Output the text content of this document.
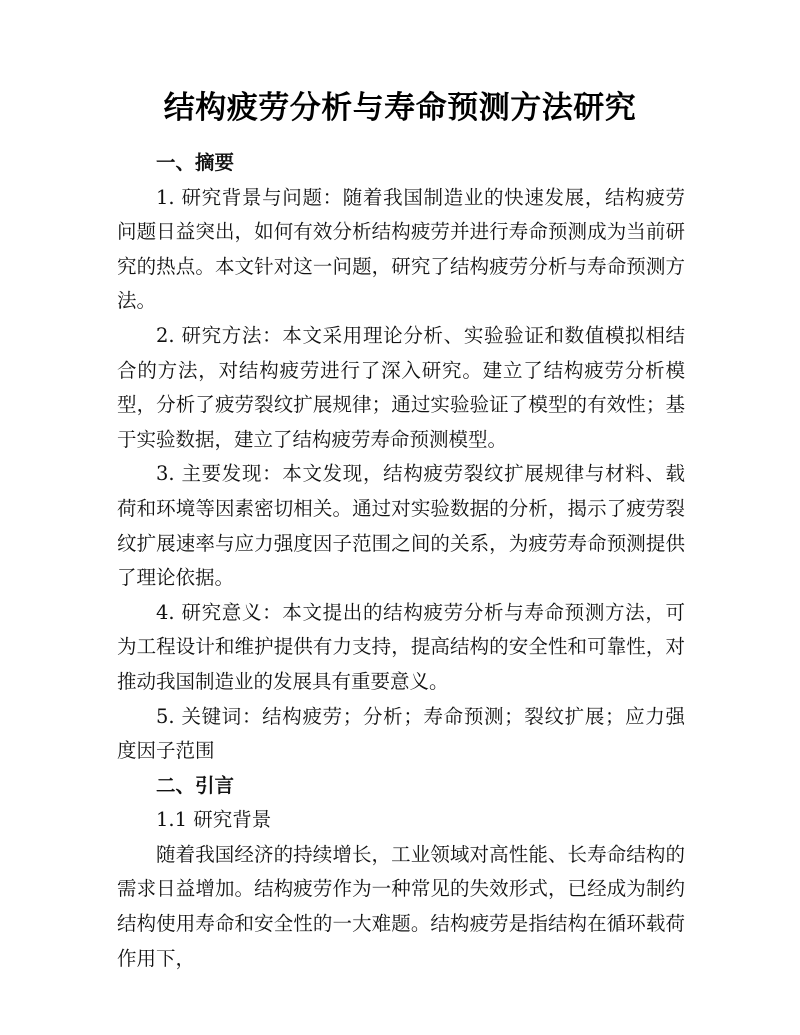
结构疲劳分析与寿命预测方法研究

一、摘要

1. 研究背景与问题：随着我国制造业的快速发展，结构疲劳问题日益突出，如何有效分析结构疲劳并进行寿命预测成为当前研究的热点。本文针对这一问题，研究了结构疲劳分析与寿命预测方法。

2. 研究方法：本文采用理论分析、实验验证和数值模拟相结合的方法，对结构疲劳进行了深入研究。建立了结构疲劳分析模型，分析了疲劳裂纹扩展规律；通过实验验证了模型的有效性；基于实验数据，建立了结构疲劳寿命预测模型。

3. 主要发现：本文发现，结构疲劳裂纹扩展规律与材料、载荷和环境等因素密切相关。通过对实验数据的分析，揭示了疲劳裂纹扩展速率与应力强度因子范围之间的关系，为疲劳寿命预测提供了理论依据。

4. 研究意义：本文提出的结构疲劳分析与寿命预测方法，可为工程设计和维护提供有力支持，提高结构的安全性和可靠性，对推动我国制造业的发展具有重要意义。

5. 关键词：结构疲劳；分析；寿命预测；裂纹扩展；应力强度因子范围

二、引言

1.1 研究背景

随着我国经济的持续增长，工业领域对高性能、长寿命结构的需求日益增加。结构疲劳作为一种常见的失效形式，已经成为制约结构使用寿命和安全性的一大难题。结构疲劳是指结构在循环载荷作用下，
